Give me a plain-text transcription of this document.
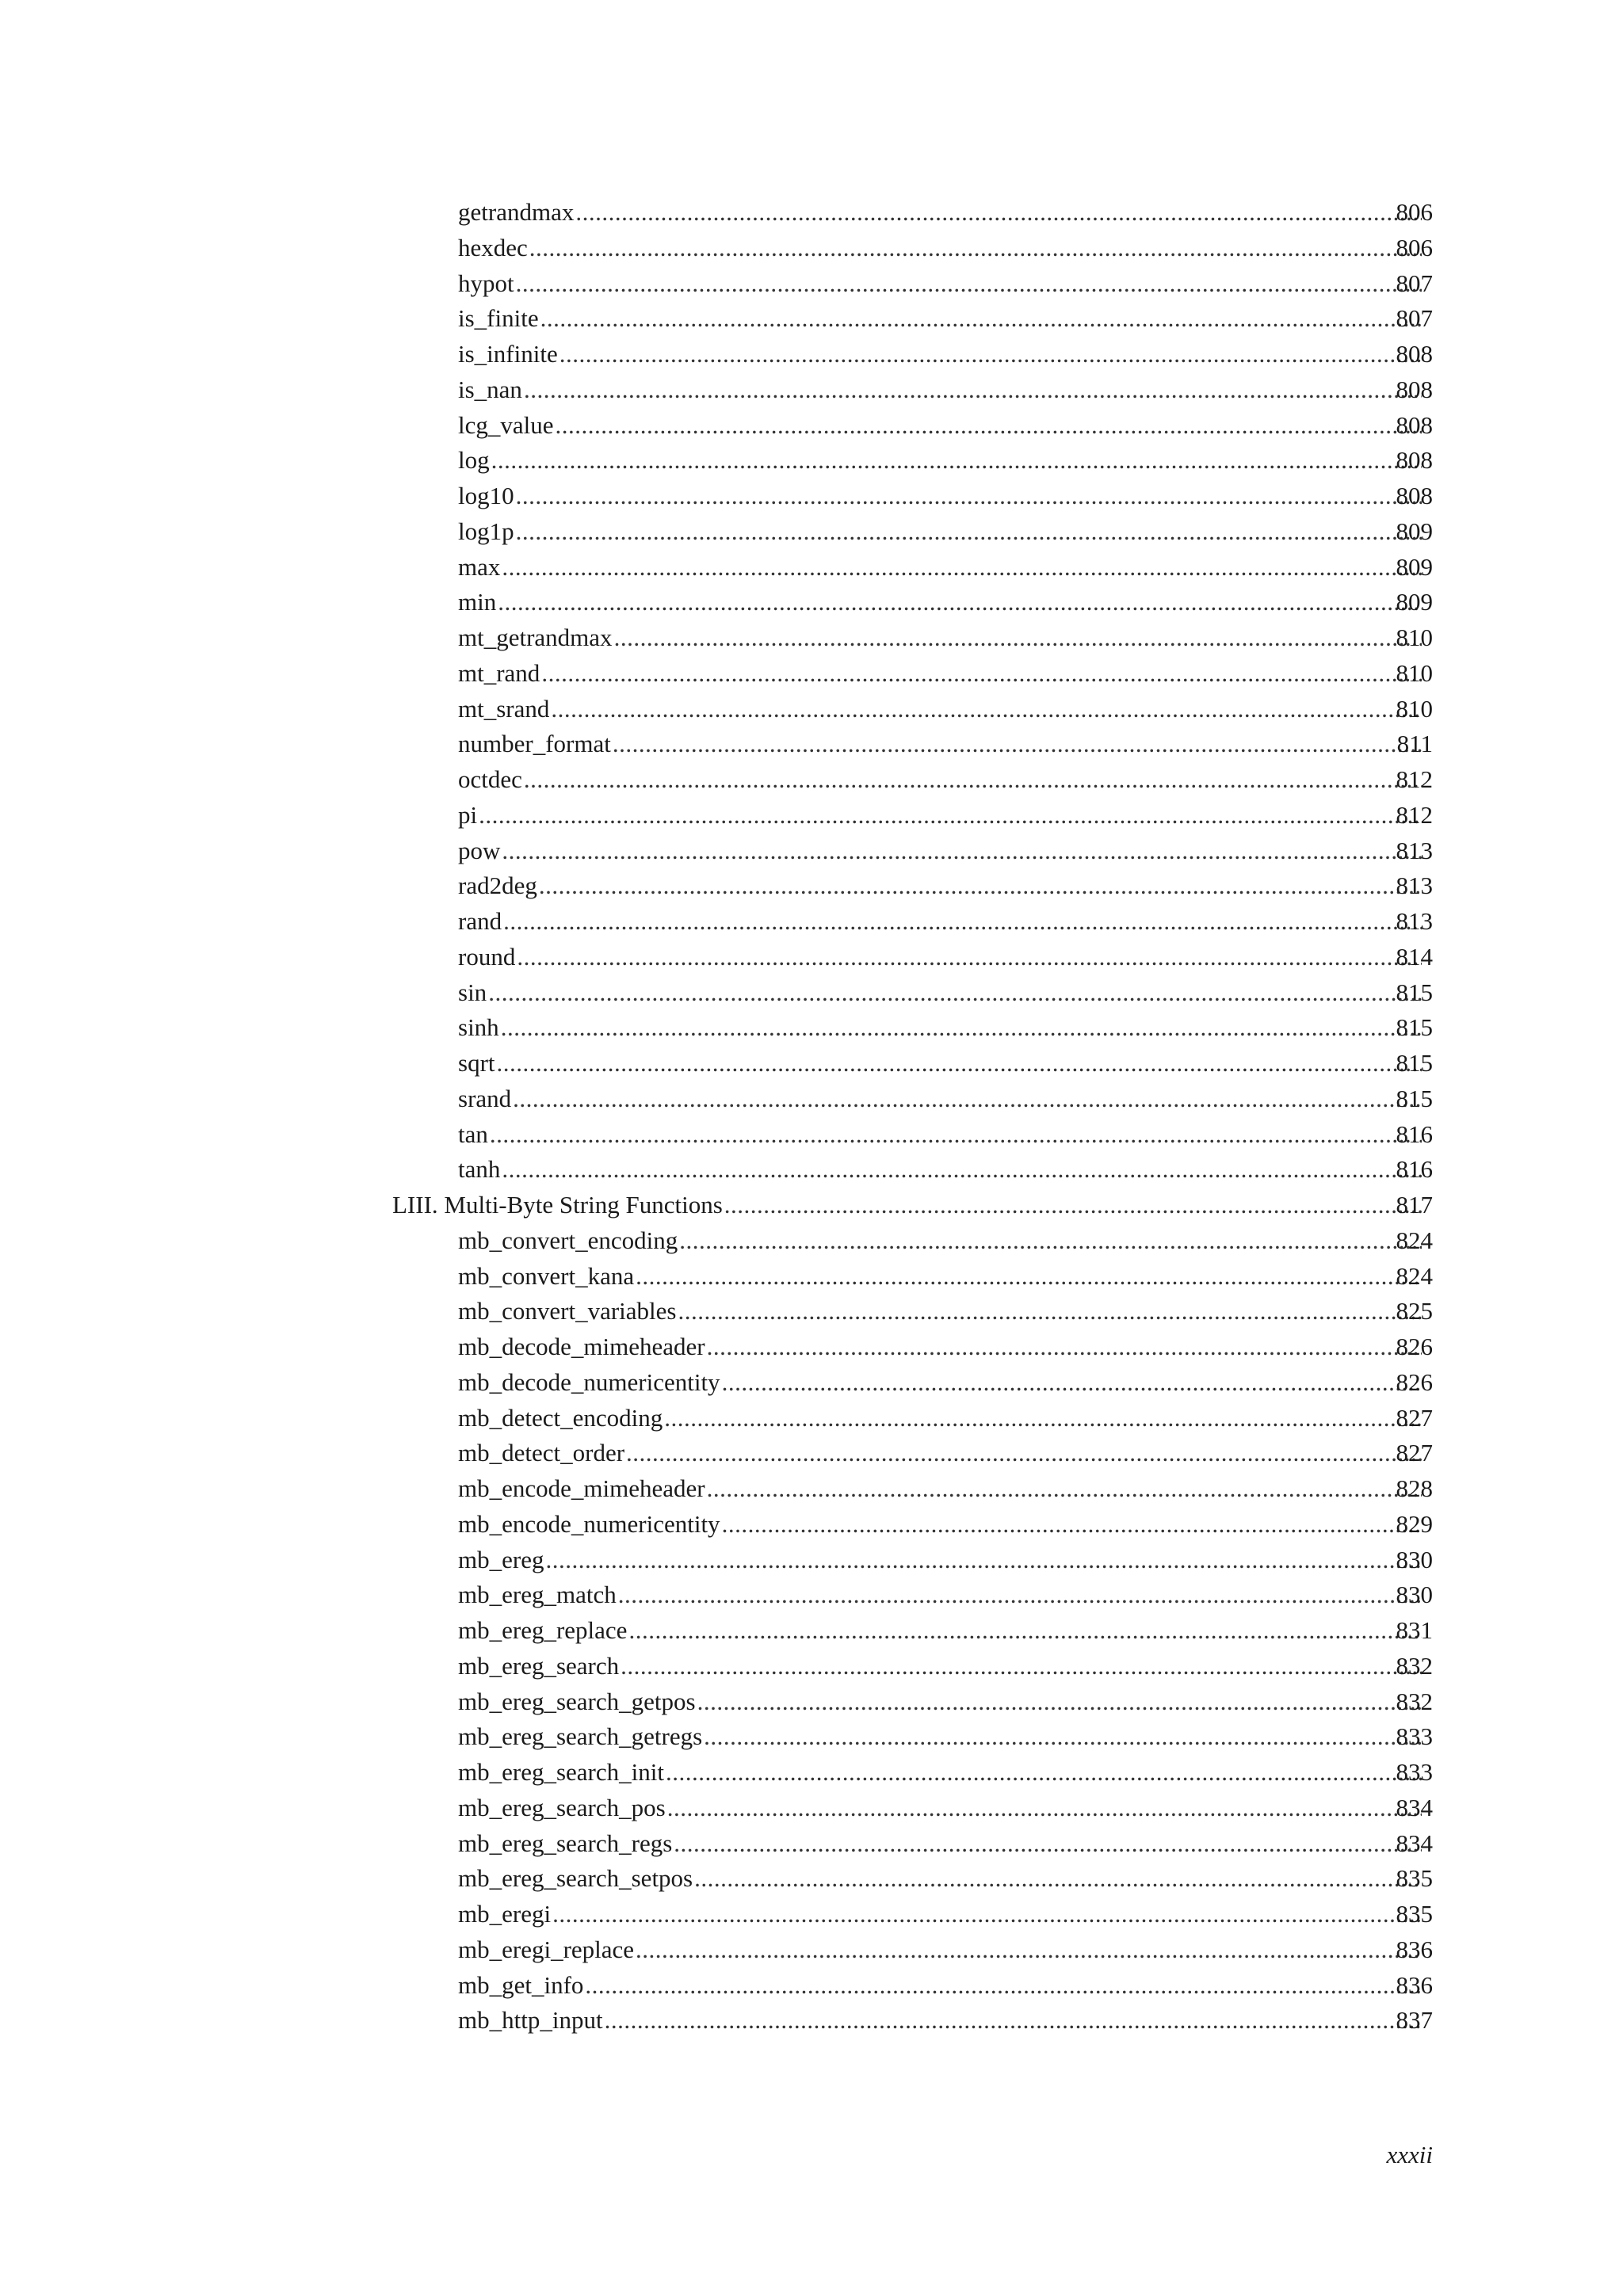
getrandmax .....	806
hexdec .....	806
hypot .....	807
is_finite .....	807
is_infinite .....	808
is_nan .....	808
lcg_value .....	808
log .....	808
log10 .....	808
log1p .....	809
max .....	809
min .....	809
mt_getrandmax .....	810
mt_rand .....	810
mt_srand .....	810
number_format .....	811
octdec .....	812
pi .....	812
pow .....	813
rad2deg .....	813
rand .....	813
round .....	814
sin .....	815
sinh .....	815
sqrt .....	815
srand .....	815
tan .....	816
tanh .....	816
LIII. Multi-Byte String Functions .....	817
mb_convert_encoding .....	824
mb_convert_kana .....	824
mb_convert_variables .....	825
mb_decode_mimeheader .....	826
mb_decode_numericentity .....	826
mb_detect_encoding .....	827
mb_detect_order .....	827
mb_encode_mimeheader .....	828
mb_encode_numericentity .....	829
mb_ereg .....	830
mb_ereg_match .....	830
mb_ereg_replace .....	831
mb_ereg_search .....	832
mb_ereg_search_getpos .....	832
mb_ereg_search_getregs .....	833
mb_ereg_search_init .....	833
mb_ereg_search_pos .....	834
mb_ereg_search_regs .....	834
mb_ereg_search_setpos .....	835
mb_eregi .....	835
mb_eregi_replace .....	836
mb_get_info .....	836
mb_http_input .....	837
xxxii
